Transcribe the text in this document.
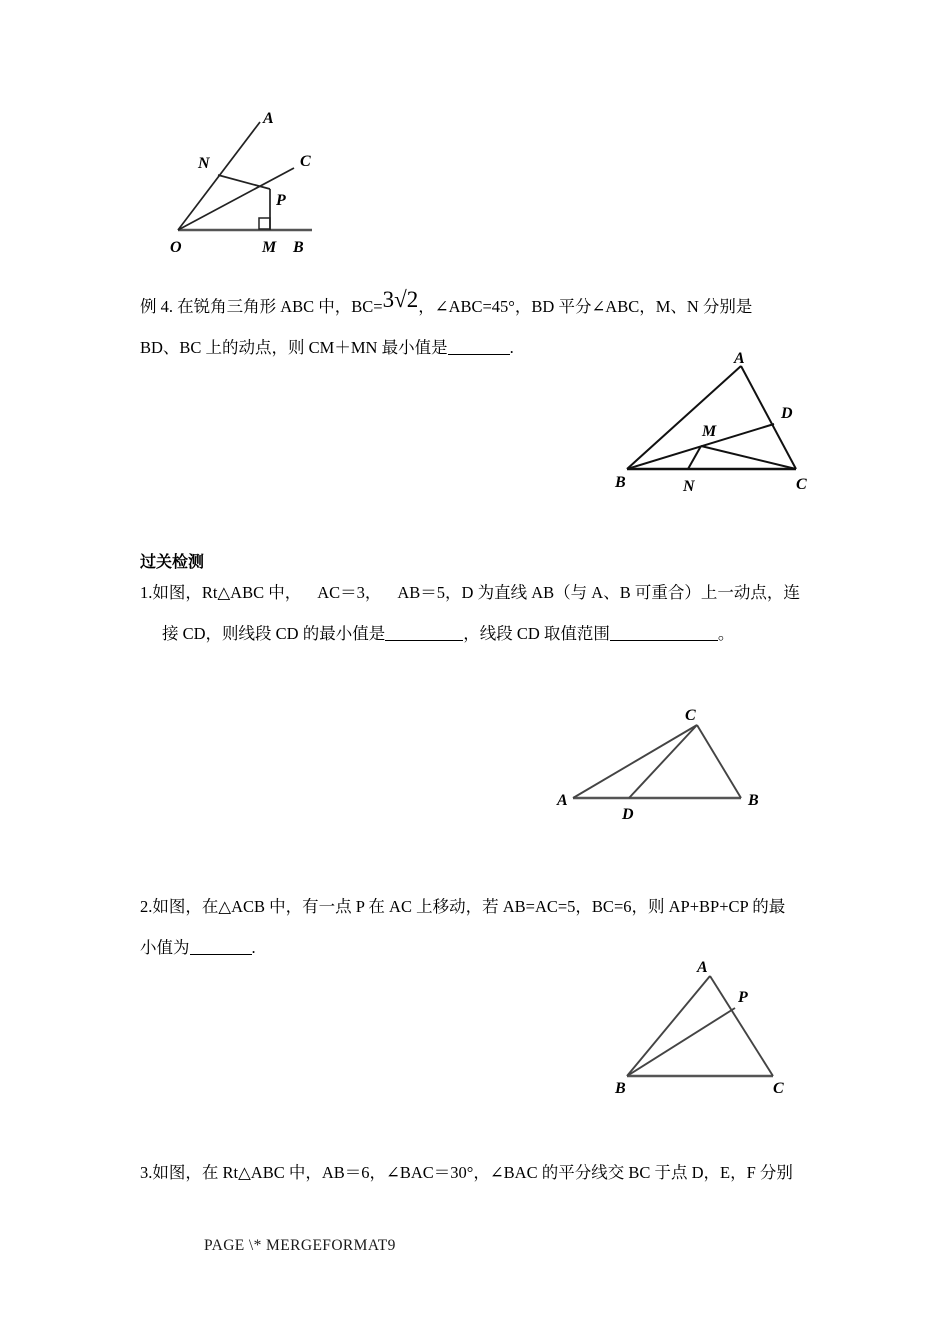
A
N	C
P
O	M B
例 4. 在锐角三角形 ABC 中，BC=3√2，∠ABC=45°，BD 平分∠ABC，M、N 分别是
BD、BC 上的动点，则 CM＋MN 最小值是	.
A
D
M
B	N	C
过关检测
1.如图，Rt△ABC 中， AC＝3， AB＝5，D 为直线 AB（与 A、B 可重合）上一动点，连
接 CD，则线段 CD 的最小值是	，线段 CD 取值范围	。
C
A
D
B
2.如图，在△ACB 中，有一点 P 在 AC 上移动，若 AB=AC=5，BC=6，则 AP+BP+CP 的最
小值为	.
A
P
B	C
3.如图，在 Rt△ABC 中，AB＝6，∠BAC＝30°，∠BAC 的平分线交 BC 于点 D，E，F 分别
PAGE \* MERGEFORMAT9
